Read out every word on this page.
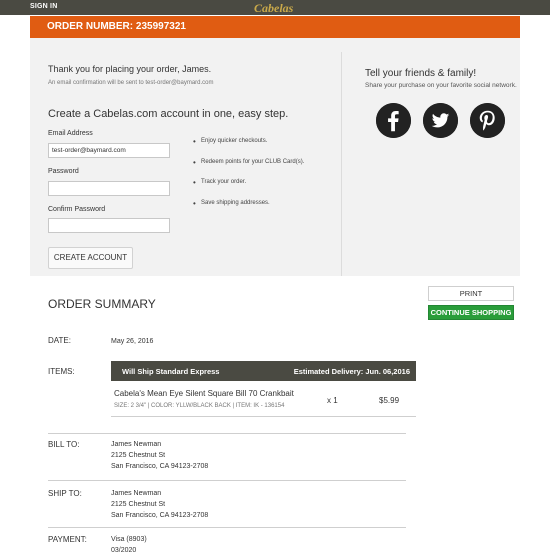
SIGN IN	Cabelas
ORDER NUMBER: 235997321
Thank you for placing your order, James.
An email confirmation will be sent to test-order@baymard.com
Create a Cabelas.com account in one, easy step.
Email Address
test-order@baymard.com
Password
Confirm Password
• Enjoy quicker checkouts.
• Redeem points for your CLUB Card(s).
• Track your order.
• Save shipping addresses.
CREATE ACCOUNT
Tell your friends & family!
Share your purchase on your favorite social network.
ORDER SUMMARY
PRINT
CONTINUE SHOPPING
DATE:	May 26, 2016
ITEMS:	Will Ship Standard Express	Estimated Delivery: Jun. 06,2016
Cabela's Mean Eye Silent Square Bill 70 Crankbait
SIZE: 2 3/4" | COLOR: YLLW/BLACK BACK | ITEM: IK - 136154
x 1	$5.99
BILL TO:	James Newman
2125 Chestnut St
San Francisco, CA 94123-2708
SHIP TO:	James Newman
2125 Chestnut St
San Francisco, CA 94123-2708
PAYMENT:	Visa (8903)
03/2020
